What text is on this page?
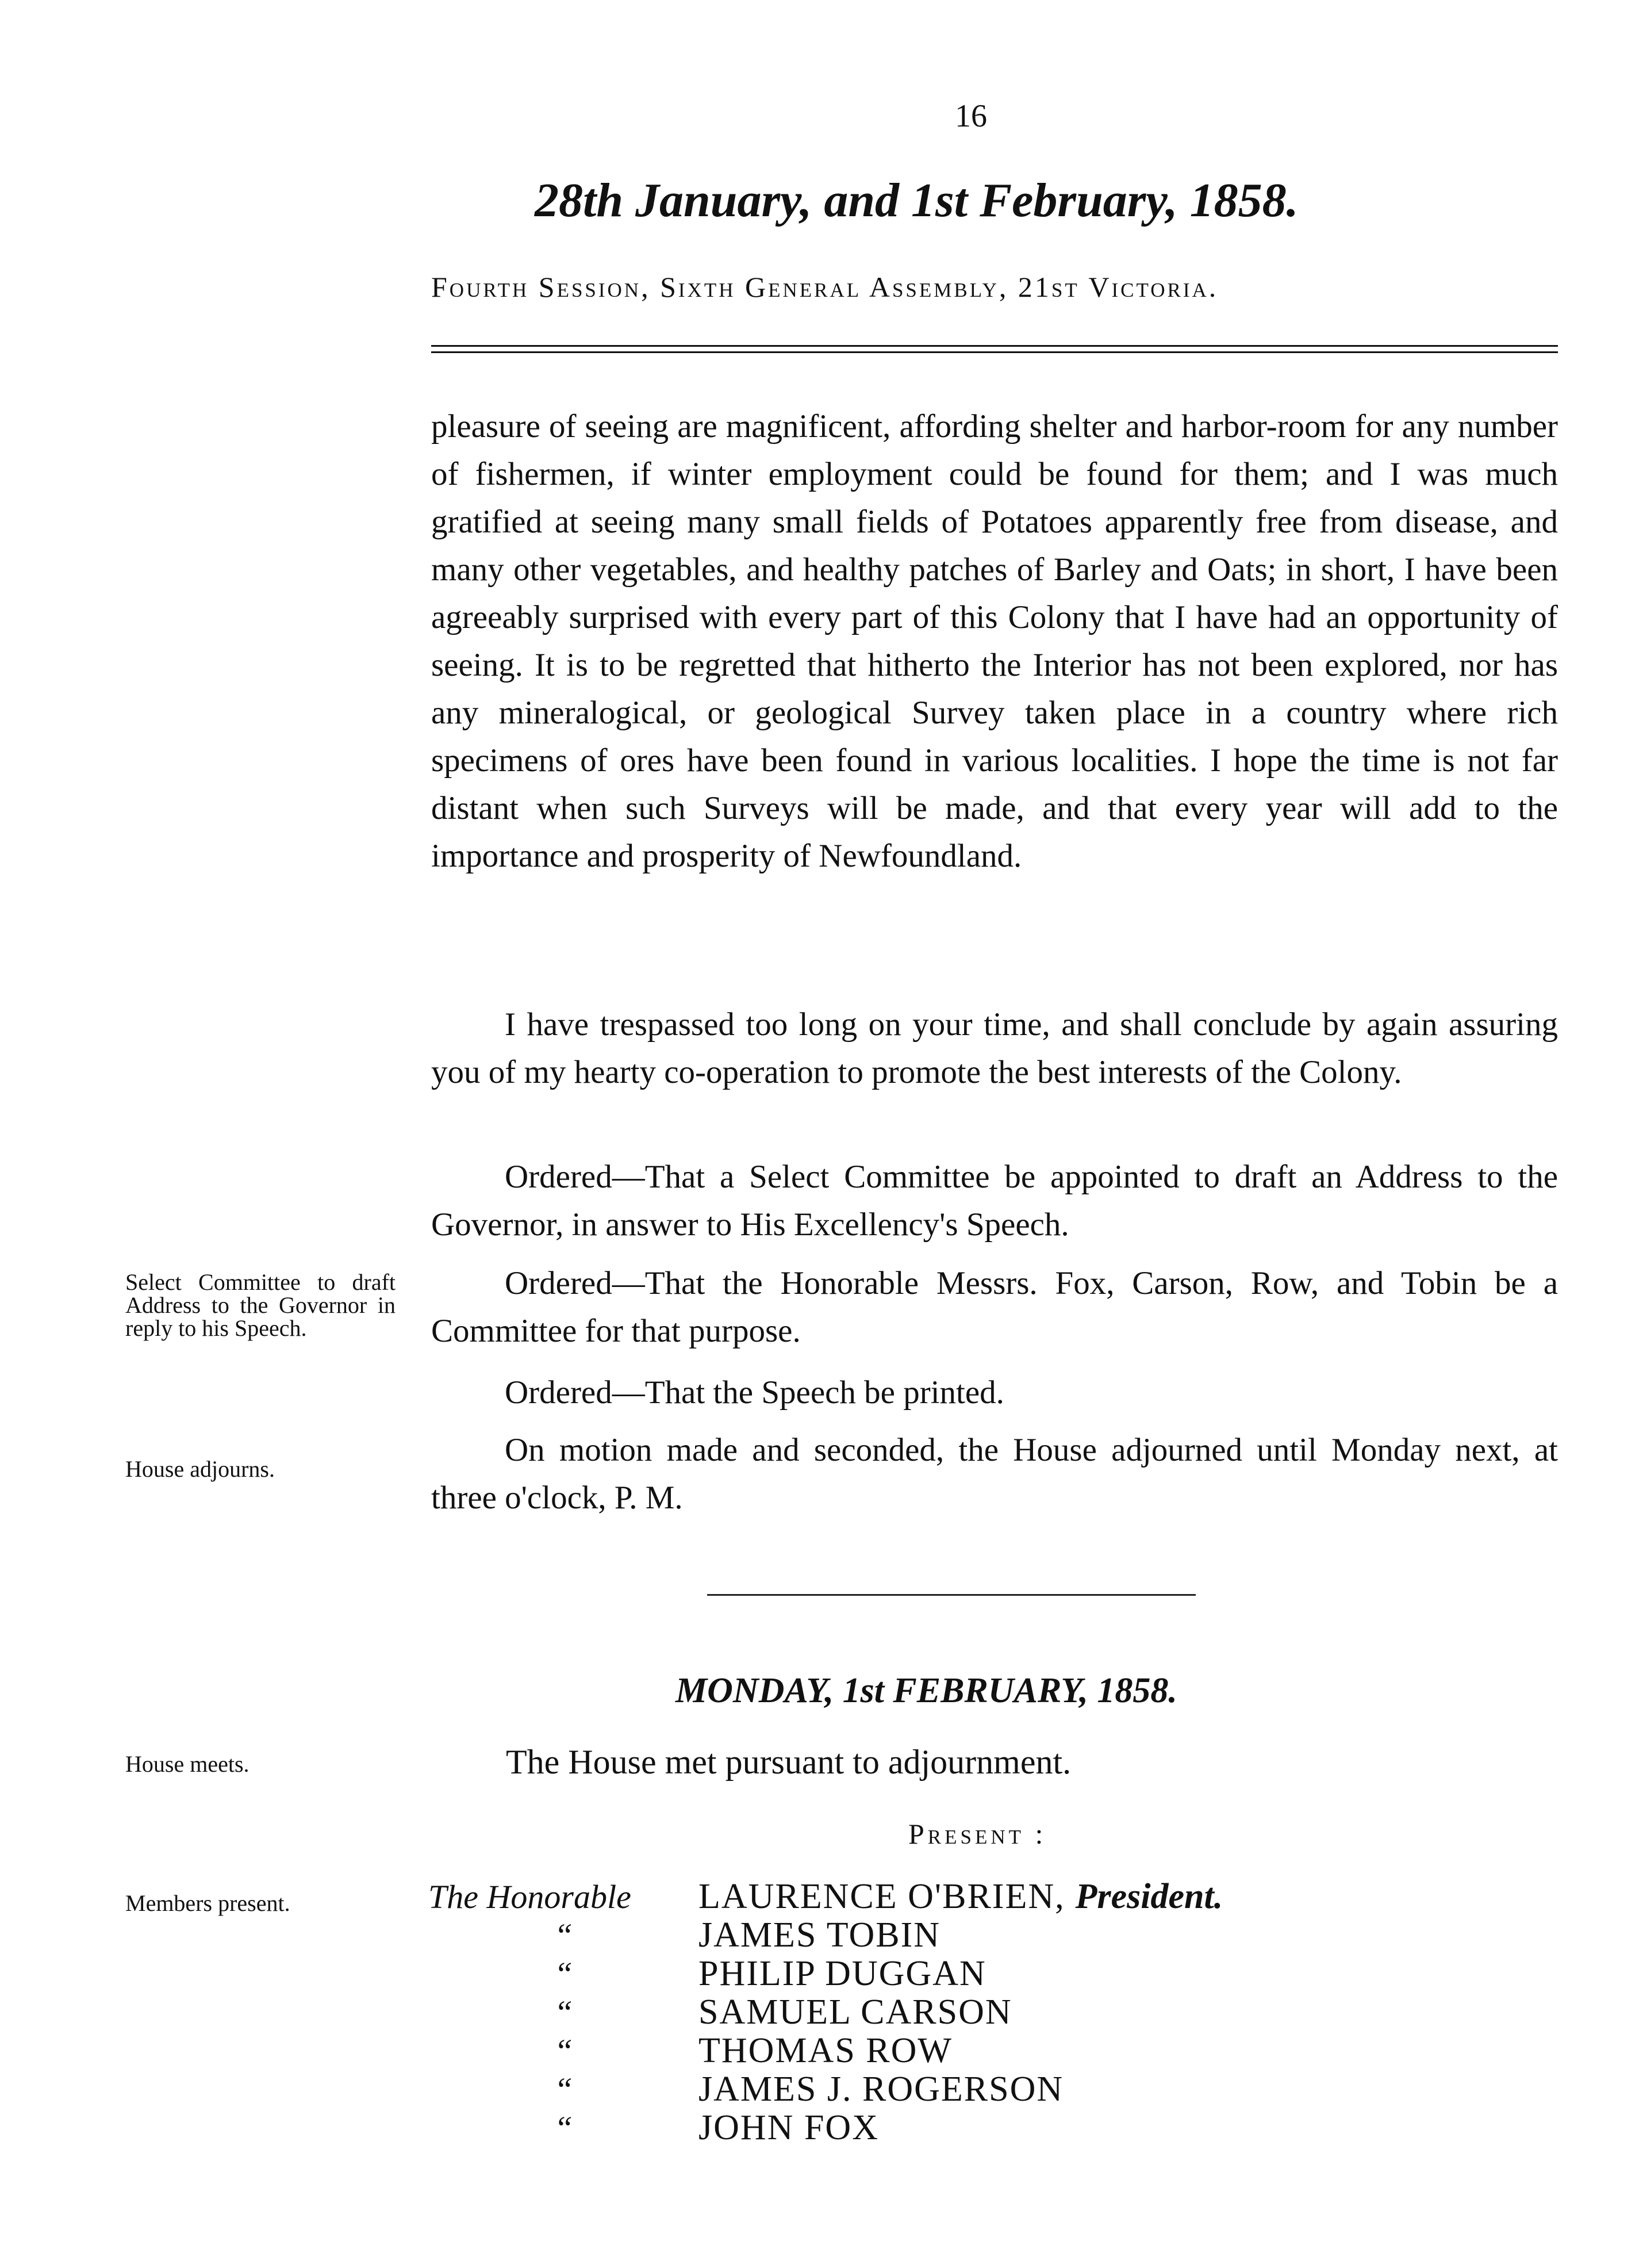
16
28th January, and 1st February, 1858.
Fourth Session, Sixth General Assembly, 21st Victoria.

pleasure of seeing are magnificent, affording shelter and harbor-room for any number of fishermen, if winter employment could be found for them; and I was much gratified at seeing many small fields of Potatoes apparently free from disease, and many other vegetables, and healthy patches of Barley and Oats; in short, I have been agreeably surprised with every part of this Colony that I have had an opportunity of seeing. It is to be regretted that hitherto the Interior has not been explored, nor has any mineralogical, or geological Survey taken place in a country where rich specimens of ores have been found in various localities. I hope the time is not far distant when such Surveys will be made, and that every year will add to the importance and prosperity of Newfoundland.

I have trespassed too long on your time, and shall conclude by again assuring you of my hearty co-operation to promote the best interests of the Colony.

Ordered—That a Select Committee be appointed to draft an Address to the Governor, in answer to His Excellency's Speech.

Ordered—That the Honorable Messrs. Fox, Carson, Row, and Tobin be a Committee for that purpose.

Ordered—That the Speech be printed.

On motion made and seconded, the House adjourned until Monday next, at three o'clock, P. M.

Select Committee to draft Address to the Governor in reply to his Speech.
House adjourns.
MONDAY, 1st FEBRUARY, 1858.
House meets.	The House met pursuant to adjournment.
Present :
Members present.	The Honorable	LAURENCE O'BRIEN, President.
“	JAMES TOBIN
“	PHILIP DUGGAN
“	SAMUEL CARSON
“	THOMAS ROW
“	JAMES J. ROGERSON
“	JOHN FOX
